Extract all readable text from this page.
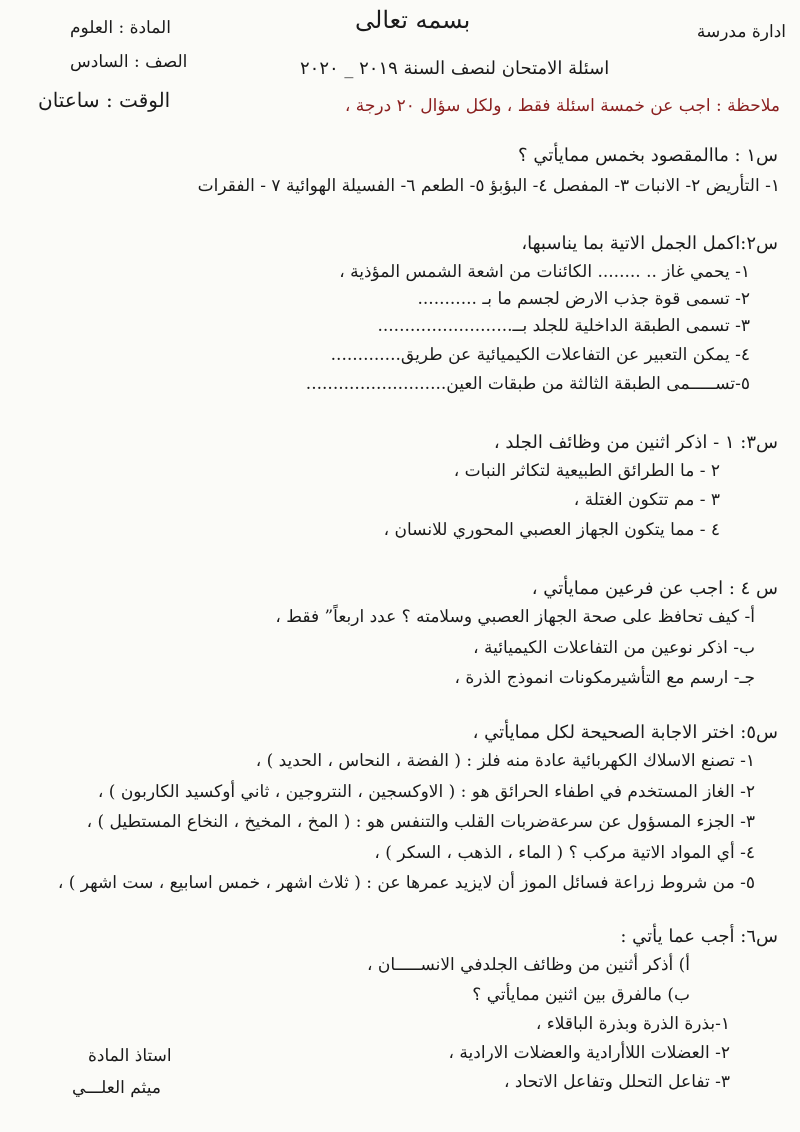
ادارة مدرسة
بسمه تعالى
اسئلة الامتحان لنصف السنة ٢٠١٩ _ ٢٠٢٠
المادة : العلوم
الصف : السادس
الوقت : ساعتان	ملاحظة : اجب عن خمسة اسئلة فقط ، ولكل سؤال ٢٠ درجة ،
س١ : ماالمقصود بخمس ممايأتي ؟
١- التأريض ٢- الانبات ٣- المفصل ٤- البؤبؤ ٥- الطعم ٦- الفسيلة الهوائية ٧ - الفقرات
س٢:اكمل الجمل الاتية بما يناسبها،
١- يحمي غاز .. ........ الكائنات من اشعة الشمس المؤذية ،
٢- تسمى قوة جذب الارض لجسم ما بـ ...........
٣- تسمى الطبقة الداخلية للجلد بــ.........................
٤- يمكن التعبير عن التفاعلات الكيميائية عن طريق.............
٥-تســـــمى الطبقة الثالثة من طبقات العين..........................
س٣: ١ - اذكر اثنين من وظائف الجلد ،
٢ - ما الطرائق الطبيعية لتكاثر النبات ،
٣ - مم تتكون الغتلة ،
٤ - مما يتكون الجهاز العصبي المحوري للانسان ،
س ٤ : اجب عن فرعين ممايأتي ،
أ- كيف تحافظ على صحة الجهاز العصبي وسلامته ؟ عدد اربعاً” فقط ،
ب- اذكر نوعين من التفاعلات الكيميائية ،
جـ- ارسم مع التأشيرمكونات انموذج الذرة ،
س٥: اختر الاجابة الصحيحة لكل ممايأتي ،
١- تصنع الاسلاك الكهربائية عادة منه فلز : ( الفضة ، النحاس ، الحديد ) ،
٢- الغاز المستخدم في اطفاء الحرائق هو : ( الاوكسجين ، النتروجين ، ثاني أوكسيد الكاربون ) ،
٣- الجزء المسؤول عن سرعةضربات القلب والتنفس هو : ( المخ ، المخيخ ، النخاع المستطيل ) ،
٤- أي المواد الاتية مركب ؟ ( الماء ، الذهب ، السكر ) ،
٥- من شروط زراعة فسائل الموز أن لايزيد عمرها عن : ( ثلاث اشهر ، خمس اسابيع ، ست اشهر ) ،
س٦: أجب عما يأتي :
أ) أذكر أثنين من وظائف الجلدفي الانســـــان ،
ب) مالفرق بين اثنين ممايأتي ؟
١-بذرة الذرة وبذرة الباقلاء ،
٢- العضلات اللاأرادية والعضلات الارادية ،
٣- تفاعل التحلل وتفاعل الاتحاد ،
استاذ المادة
ميثم العلـــي
